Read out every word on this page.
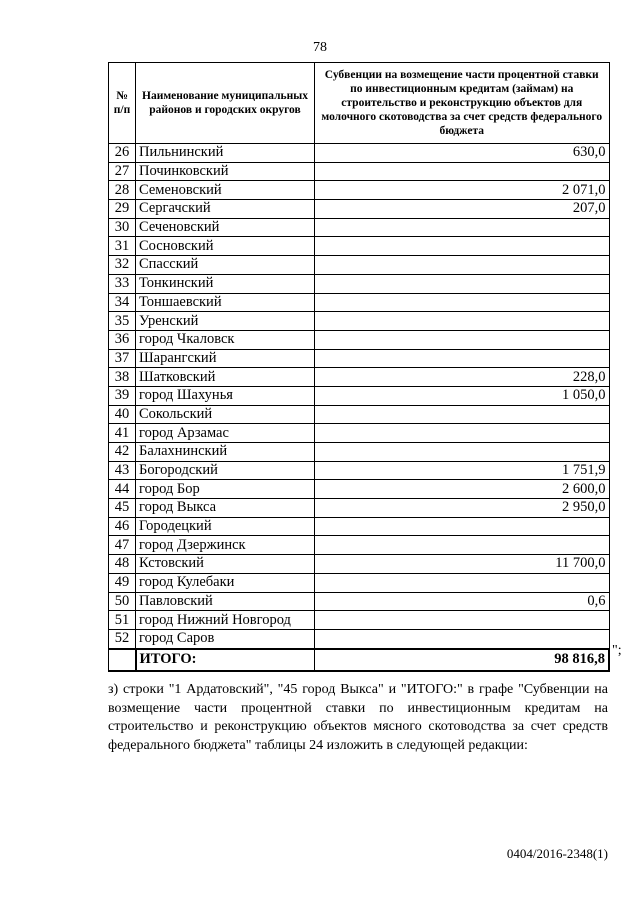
78
№ п/п	Наименование муниципальных районов и городских округов	Субвенции на возмещение части процентной ставки по инвестиционным кредитам (займам) на строительство и реконструкцию объектов для молочного скотоводства за счет средств федерального бюджета
26	Пильнинский	630,0
27	Починковский	
28	Семеновский	2 071,0
29	Сергачский	207,0
30	Сеченовский	
31	Сосновский	
32	Спасский	
33	Тонкинский	
34	Тоншаевский	
35	Уренский	
36	город Чкаловск	
37	Шарангский	
38	Шатковский	228,0
39	город Шахунья	1 050,0
40	Сокольский	
41	город Арзамас	
42	Балахнинский	
43	Богородский	1 751,9
44	город Бор	2 600,0
45	город Выкса	2 950,0
46	Городецкий	
47	город Дзержинск	
48	Кстовский	11 700,0
49	город Кулебаки	
50	Павловский	0,6
51	город Нижний Новгород	
52	город Саров	
	ИТОГО:	98 816,8
";
з) строки "1 Ардатовский", "45 город Выкса" и "ИТОГО:" в графе "Субвенции на возмещение части процентной ставки по инвестиционным кредитам на строительство и реконструкцию объектов мясного скотоводства за счет средств федерального бюджета" таблицы 24 изложить в следующей редакции:
0404/2016-2348(1)
